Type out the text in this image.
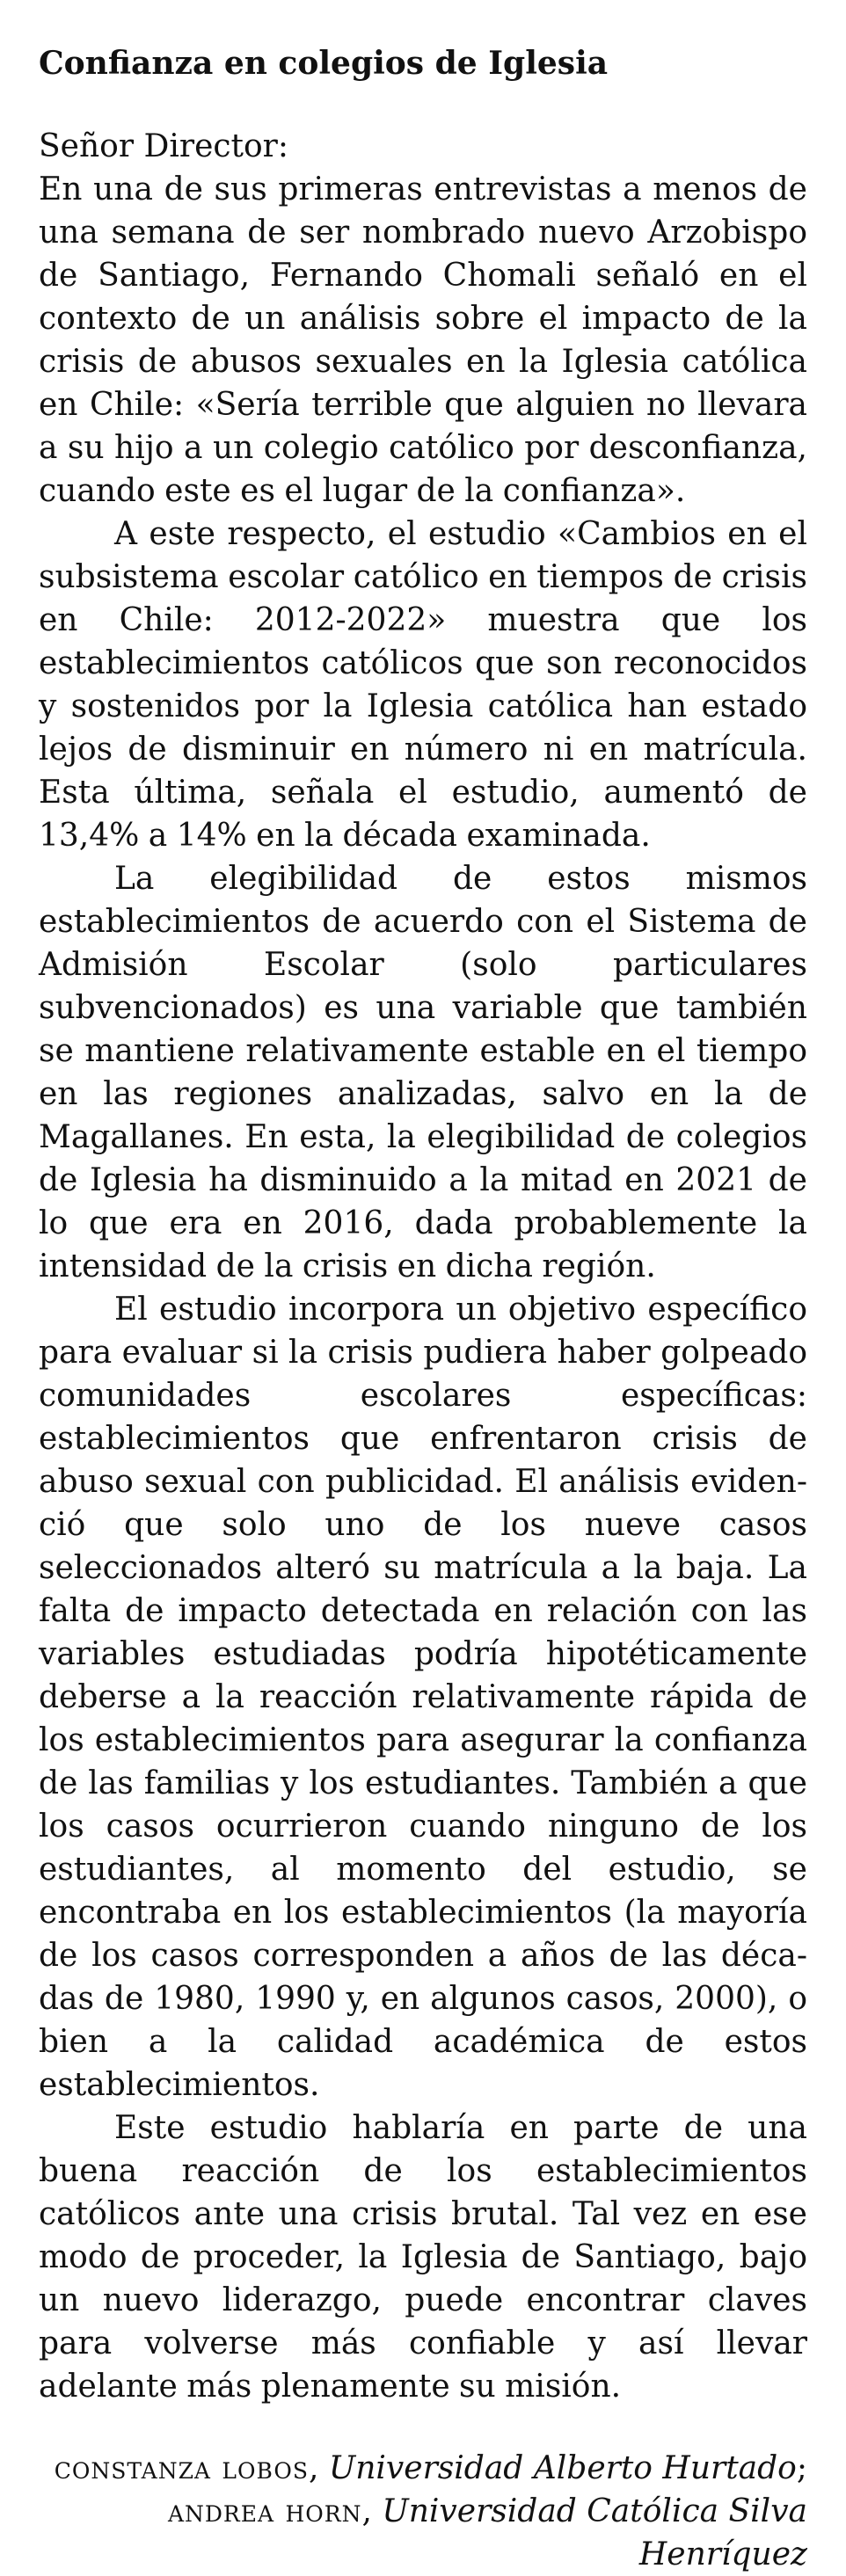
Confianza en colegios de Iglesia

Señor Director:

En una de sus primeras entrevistas a menos de una semana de ser nombrado nuevo Arzobispo de Santiago, Fernando Chomali señaló en el contexto de un análisis sobre el impacto de la crisis de abusos sexuales en la Iglesia católica en Chile: «Sería terrible que alguien no llevara a su hijo a un colegio católico por desconfianza, cuando este es el lugar de la confianza».

A este respecto, el estudio «Cambios en el subsistema escolar católico en tiempos de crisis en Chile: 2012-2022» muestra que los establecimientos católicos que son reconocidos y sostenidos por la Iglesia católica han estado lejos de disminuir en número ni en matrícula. Esta última, señala el estudio, aumentó de 13,4% a 14% en la década examinada.

La elegibilidad de estos mismos establecimientos de acuerdo con el Sistema de Admisión Escolar (solo particulares subvencionados) es una variable que también se mantiene relativamente estable en el tiempo en las regiones analizadas, salvo en la de Magallanes. En esta, la elegibilidad de colegios de Iglesia ha disminuido a la mitad en 2021 de lo que era en 2016, dada probablemente la intensidad de la crisis en dicha región.

El estudio incorpora un objetivo específico para evaluar si la crisis pudiera haber golpeado comunidades escolares específicas: establecimientos que enfrentaron crisis de abuso sexual con publicidad. El análisis evidenció que solo uno de los nueve casos seleccionados alteró su matrícula a la baja. La falta de impacto detectada en relación con las variables estudiadas podría hipotéticamente deberse a la reacción relativamente rápida de los establecimientos para asegurar la confianza de las familias y los estudiantes. También a que los casos ocurrieron cuando ninguno de los estudiantes, al momento del estudio, se encontraba en los establecimientos (la mayoría de los casos corresponden a años de las décadas de 1980, 1990 y, en algunos casos, 2000), o bien a la calidad académica de estos establecimientos.

Este estudio hablaría en parte de una buena reacción de los establecimientos católicos ante una crisis brutal. Tal vez en ese modo de proceder, la Iglesia de Santiago, bajo un nuevo liderazgo, puede encontrar claves para volverse más confiable y así llevar adelante más plenamente su misión.

constanza lobos, Universidad Alberto Hurtado;
andrea horn, Universidad Católica Silva Henríquez
